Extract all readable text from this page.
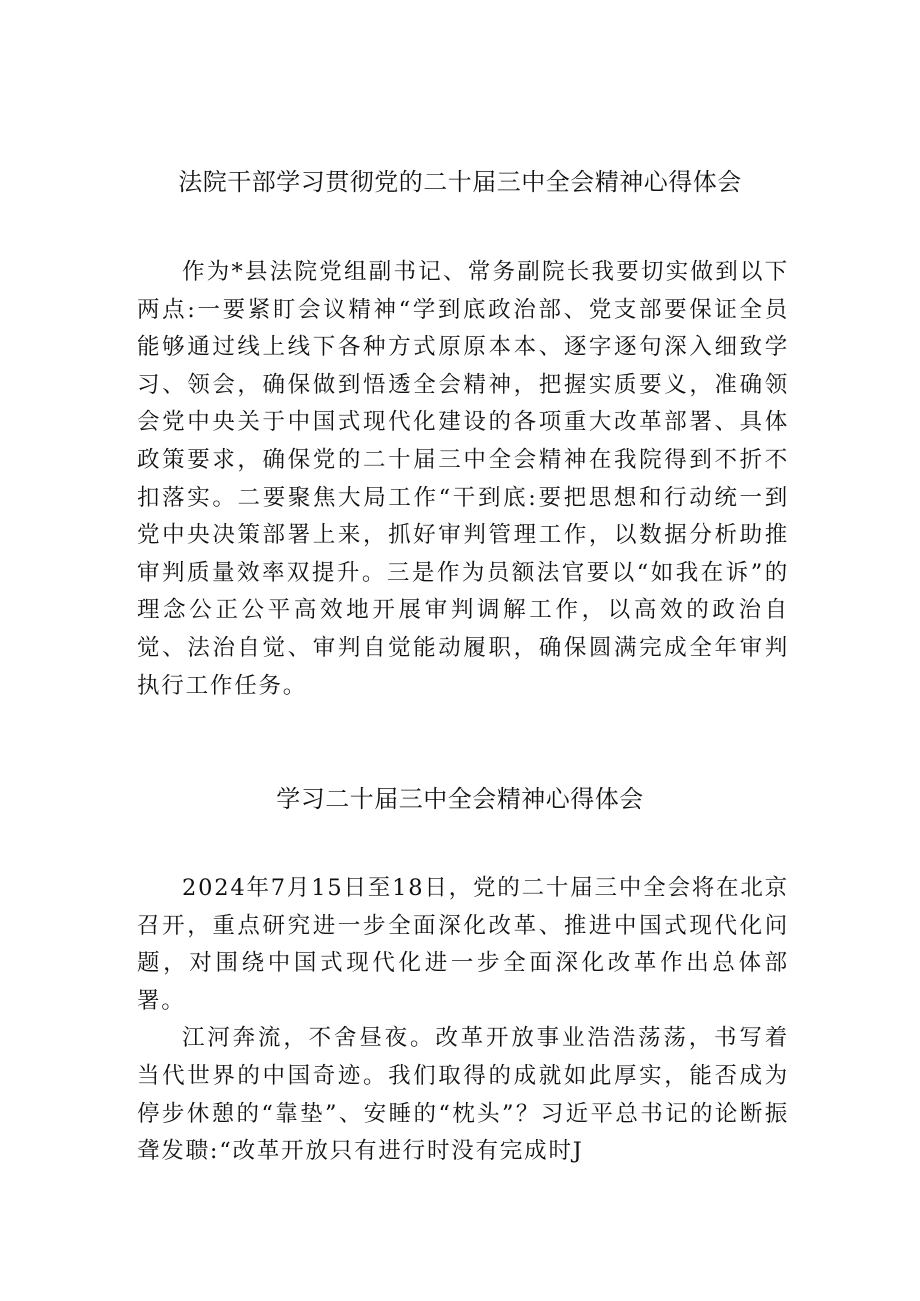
法院干部学习贯彻党的二十届三中全会精神心得体会

作为*县法院党组副书记、常务副院长我要切实做到以下两点:一要紧盯会议精神“学到底政治部、党支部要保证全员能够通过线上线下各种方式原原本本、逐字逐句深入细致学习、领会，确保做到悟透全会精神，把握实质要义，准确领会党中央关于中国式现代化建设的各项重大改革部署、具体政策要求，确保党的二十届三中全会精神在我院得到不折不扣落实。二要聚焦大局工作“干到底:要把思想和行动统一到党中央决策部署上来，抓好审判管理工作，以数据分析助推审判质量效率双提升。三是作为员额法官要以“如我在诉”的理念公正公平高效地开展审判调解工作，以高效的政治自觉、法治自觉、审判自觉能动履职，确保圆满完成全年审判执行工作任务。

学习二十届三中全会精神心得体会

2024年7月15日至18日，党的二十届三中全会将在北京召开，重点研究进一步全面深化改革、推进中国式现代化问题，对围绕中国式现代化进一步全面深化改革作出总体部署。

江河奔流，不舍昼夜。改革开放事业浩浩荡荡，书写着当代世界的中国奇迹。我们取得的成就如此厚实，能否成为停步休憩的“靠垫”、安睡的“枕头”？习近平总书记的论断振聋发聩:“改革开放只有进行时没有完成时J
